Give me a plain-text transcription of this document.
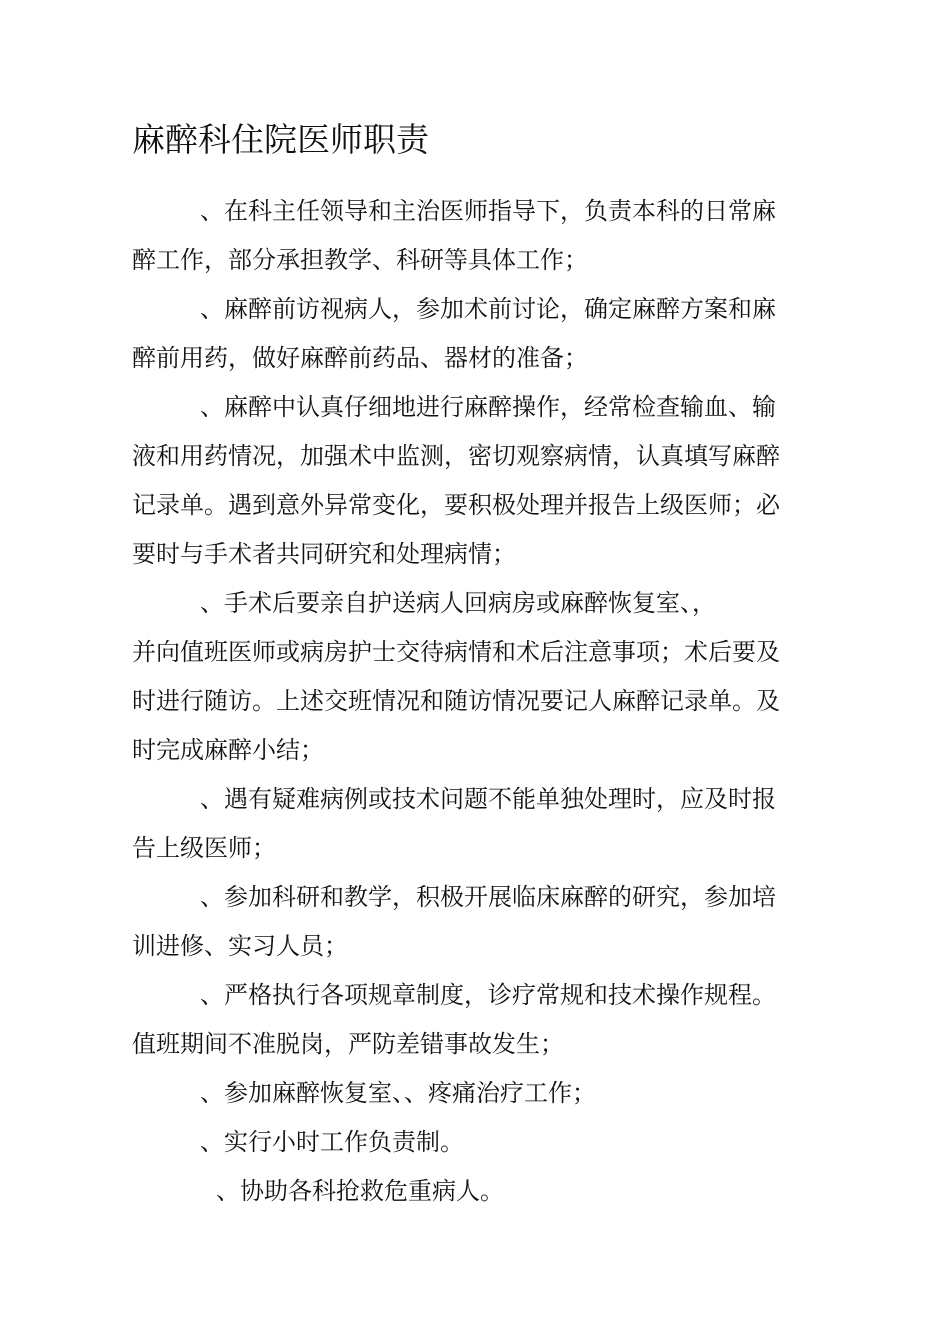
麻醉科住院医师职责
、在科主任领导和主治医师指导下，负责本科的日常麻
醉工作，部分承担教学、科研等具体工作；
、麻醉前访视病人，参加术前讨论，确定麻醉方案和麻
醉前用药，做好麻醉前药品、器材的准备；
、麻醉中认真仔细地进行麻醉操作，经常检查输血、输
液和用药情况，加强术中监测，密切观察病情，认真填写麻醉
记录单。遇到意外异常变化，要积极处理并报告上级医师；必
要时与手术者共同研究和处理病情；
、手术后要亲自护送病人回病房或麻醉恢复室、，
并向值班医师或病房护士交待病情和术后注意事项；术后要及
时进行随访。上述交班情况和随访情况要记人麻醉记录单。及
时完成麻醉小结；
、遇有疑难病例或技术问题不能单独处理时，应及时报
告上级医师；
、参加科研和教学，积极开展临床麻醉的研究，参加培
训进修、实习人员；
、严格执行各项规章制度，诊疗常规和技术操作规程。
值班期间不准脱岗，严防差错事故发生；
、参加麻醉恢复室、、疼痛治疗工作；
、实行小时工作负责制。
、协助各科抢救危重病人。
